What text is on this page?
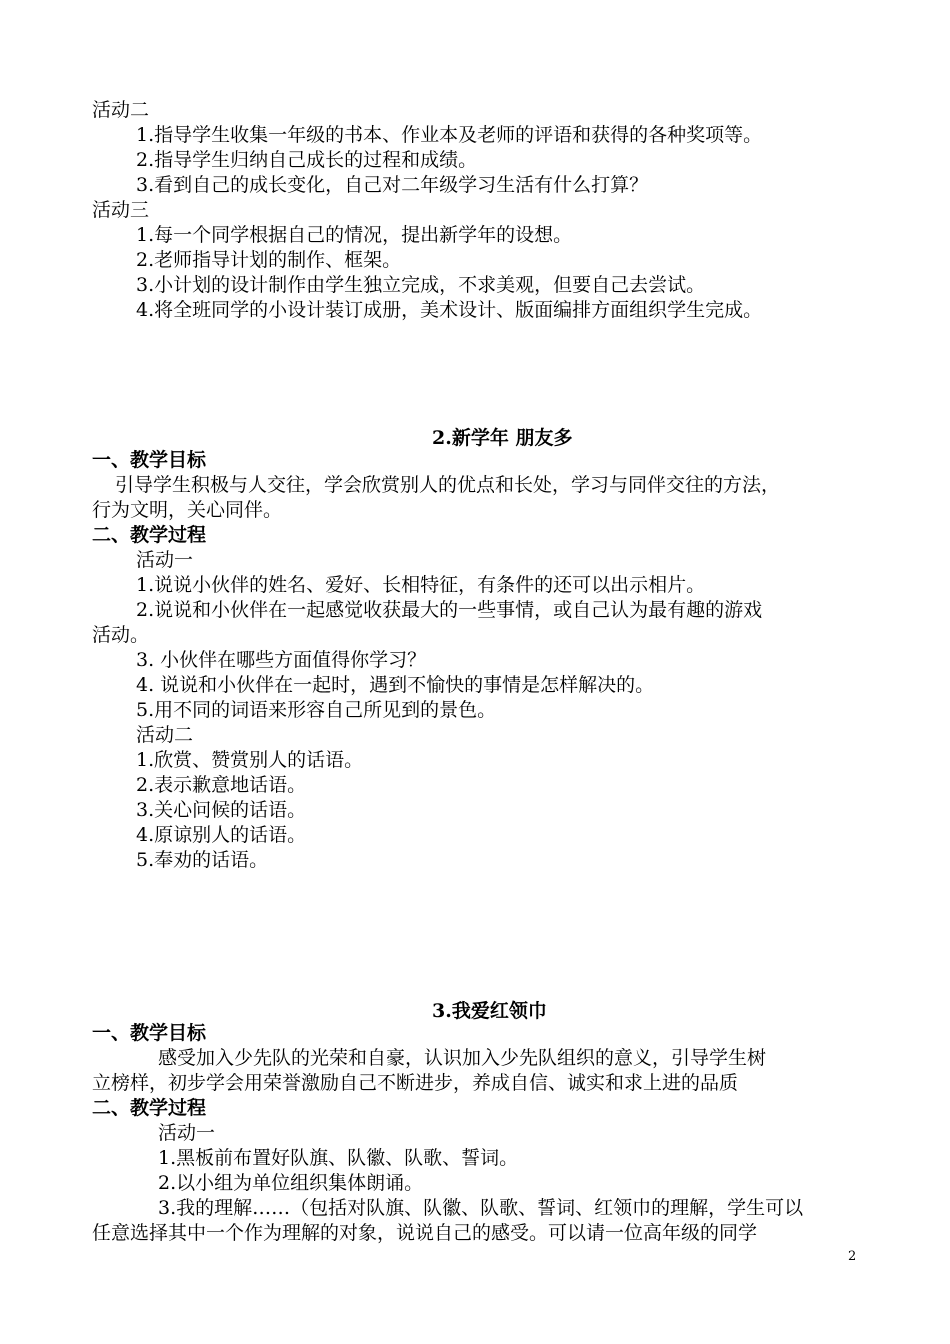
活动二

1.指导学生收集一年级的书本、作业本及老师的评语和获得的各种奖项等。

2.指导学生归纳自己成长的过程和成绩。

3.看到自己的成长变化，自己对二年级学习生活有什么打算？

活动三

1.每一个同学根据自己的情况，提出新学年的设想。

2.老师指导计划的制作、框架。

3.小计划的设计制作由学生独立完成，不求美观，但要自己去尝试。

4.将全班同学的小设计装订成册，美术设计、版面编排方面组织学生完成。

2.新学年 朋友多

一、教学目标

引导学生积极与人交往，学会欣赏别人的优点和长处，学习与同伴交往的方法，

行为文明，关心同伴。

二、教学过程

活动一

1.说说小伙伴的姓名、爱好、长相特征，有条件的还可以出示相片。

2.说说和小伙伴在一起感觉收获最大的一些事情，或自己认为最有趣的游戏

活动。

3. 小伙伴在哪些方面值得你学习？

4. 说说和小伙伴在一起时，遇到不愉快的事情是怎样解决的。

5.用不同的词语来形容自己所见到的景色。

活动二

1.欣赏、赞赏别人的话语。

2.表示歉意地话语。

3.关心问候的话语。

4.原谅别人的话语。

5.奉劝的话语。

3.我爱红领巾

一、教学目标

感受加入少先队的光荣和自豪，认识加入少先队组织的意义，引导学生树

立榜样，初步学会用荣誉激励自己不断进步，养成自信、诚实和求上进的品质

二、教学过程

活动一

1.黑板前布置好队旗、队徽、队歌、誓词。

2.以小组为单位组织集体朗诵。

3.我的理解……（包括对队旗、队徽、队歌、誓词、红领巾的理解，学生可以

任意选择其中一个作为理解的对象，说说自己的感受。可以请一位高年级的同学

2
